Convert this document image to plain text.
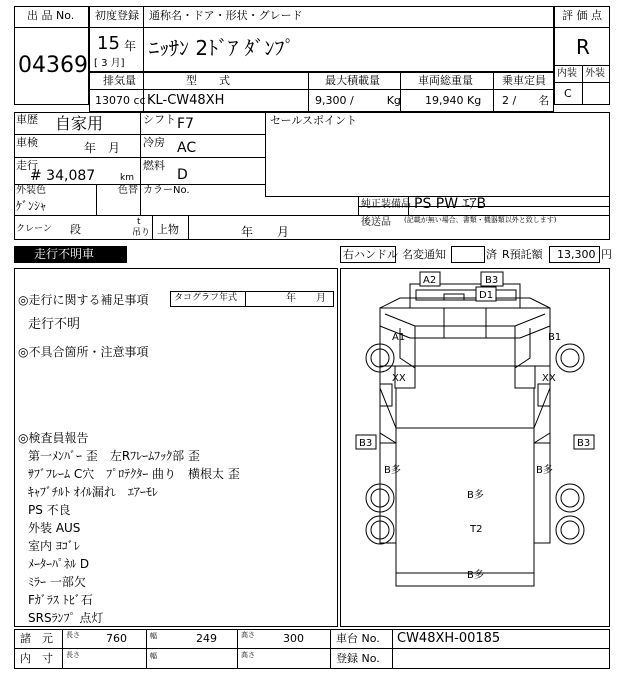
出 品 No.
04369
初度登録 通称名・ドア・形状・グレード
15 年
[ 3 月]
ﾆｯｻﾝ 2ﾄﾞｱ ﾀﾞﾝﾌﾟ
評 価 点
R
内装 外装
C
排気量	型　　式	最大積載量	車両総重量	乗車定員
13070 cc KL-CW48XH	9,300 /　　　Kg 19,940 Kg 2 /　　名
車歴 自家用	シフト F7
車検	年　月 冷房 AC
走行
# 34,087	km
燃料
D
外装色
ｹﾞﾝｼｬ
色替 カラーNo.
セールスポイント
純正装備品 PS PW ｴｱB
後送品 (記載が無い場合、書類・機器類以外と致します)
クレーン 段
t
吊り 上物	年　　月
走行不明車	右ハンドル 名変通知	済 R預託額 13,300 円
タコグラフ年式	年　　月
◎走行に関する補足事項
走行不明
◎不具合箇所・注意事項
◎検査員報告
第一ﾒﾝﾊﾞｰ 歪　左Rﾌﾚｰﾑﾌｯｸ部 歪
ｻﾌﾞﾌﾚｰﾑ C穴　ﾌﾟﾛﾃｸﾀｰ 曲り　横根太 歪
ｷｬﾌﾞﾁﾙﾄ ｵｲﾙ漏れ　ｴｱｰﾓﾚ
PS 不良
外装 AUS
室内 ﾖｺﾞﾚ
ﾒｰﾀｰﾊﾟﾈﾙ D
ﾐﾗｰ 一部欠
Fｶﾞﾗｽ ﾄﾋﾞ石
SRSﾗﾝﾌﾟ 点灯
A2	B3
D1
A1	B1
XX	XX
B3	B3
B多	B多
B多
T2
B多
諸　元 長さ 760	幅	249	高さ	300	車台 No. CW48XH-00185
内　寸 長さ	幅	高さ	登録 No.
